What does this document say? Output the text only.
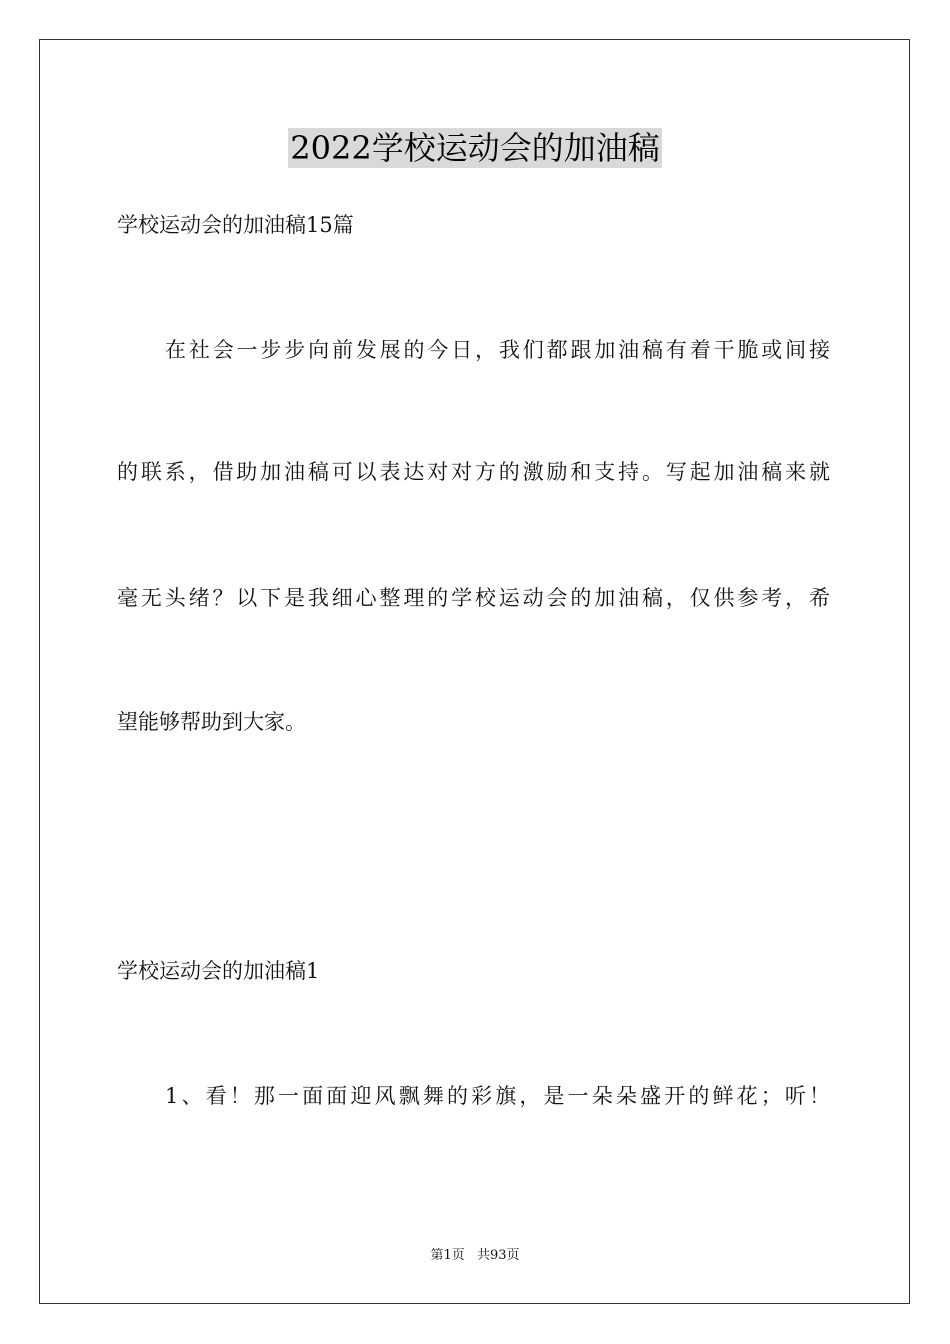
2022学校运动会的加油稿
学校运动会的加油稿15篇
在社会一步步向前发展的今日，我们都跟加油稿有着干脆或间接
的联系，借助加油稿可以表达对对方的激励和支持。写起加油稿来就
毫无头绪？以下是我细心整理的学校运动会的加油稿，仅供参考，希
望能够帮助到大家。
学校运动会的加油稿1
1、看！那一面面迎风飘舞的彩旗，是一朵朵盛开的鲜花；听！
第1页 共93页
